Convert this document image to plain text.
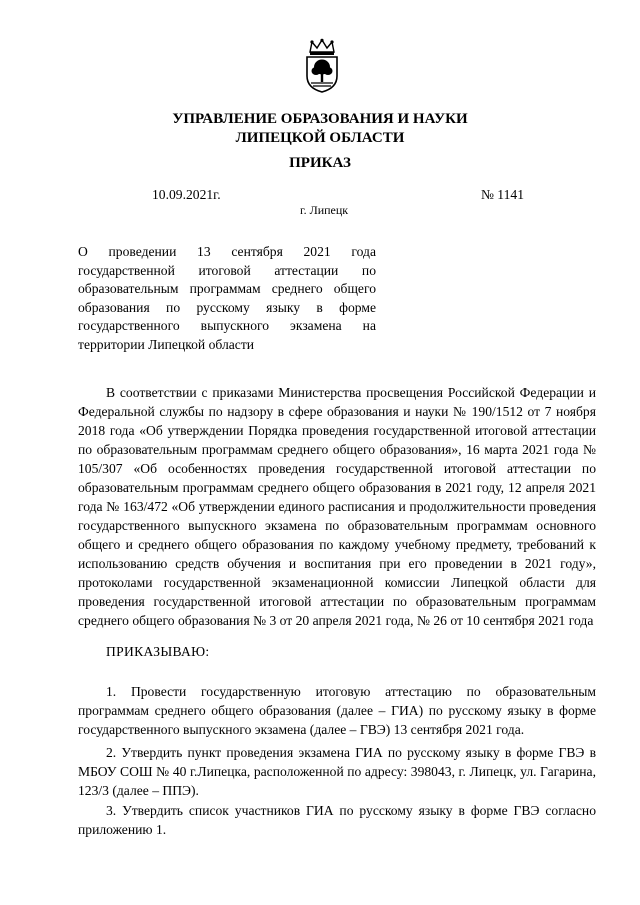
УПРАВЛЕНИЕ ОБРАЗОВАНИЯ И НАУКИ
ЛИПЕЦКОЙ ОБЛАСТИ
ПРИКАЗ
10.09.2021г.	№ 1141
г. Липецк
О проведении 13 сентября 2021 года государственной итоговой аттестации по образовательным программам среднего общего образования по русскому языку в форме государственного выпускного экзамена на территории Липецкой области

В соответствии с приказами Министерства просвещения Российской Федерации и Федеральной службы по надзору в сфере образования и науки № 190/1512 от 7 ноября 2018 года «Об утверждении Порядка проведения государственной итоговой аттестации по образовательным программам среднего общего образования», 16 марта 2021 года № 105/307 «Об особенностях проведения государственной итоговой аттестации по образовательным программам среднего общего образования в 2021 году, 12 апреля 2021 года № 163/472 «Об утверждении единого расписания и продолжительности проведения государственного выпускного экзамена по образовательным программам основного общего и среднего общего образования по каждому учебному предмету, требований к использованию средств обучения и воспитания при его проведении в 2021 году», протоколами государственной экзаменационной комиссии Липецкой области для проведения государственной итоговой аттестации по образовательным программам среднего общего образования № 3 от 20 апреля 2021 года, № 26 от 10 сентября 2021 года

ПРИКАЗЫВАЮ:

1. Провести государственную итоговую аттестацию по образовательным программам среднего общего образования (далее – ГИА) по русскому языку в форме государственного выпускного экзамена (далее – ГВЭ) 13 сентября 2021 года.

2. Утвердить пункт проведения экзамена ГИА по русскому языку в форме ГВЭ в МБОУ СОШ № 40 г.Липецка, расположенной по адресу: 398043, г. Липецк, ул. Гагарина, 123/3 (далее – ППЭ).

3. Утвердить список участников ГИА по русскому языку в форме ГВЭ согласно приложению 1.
